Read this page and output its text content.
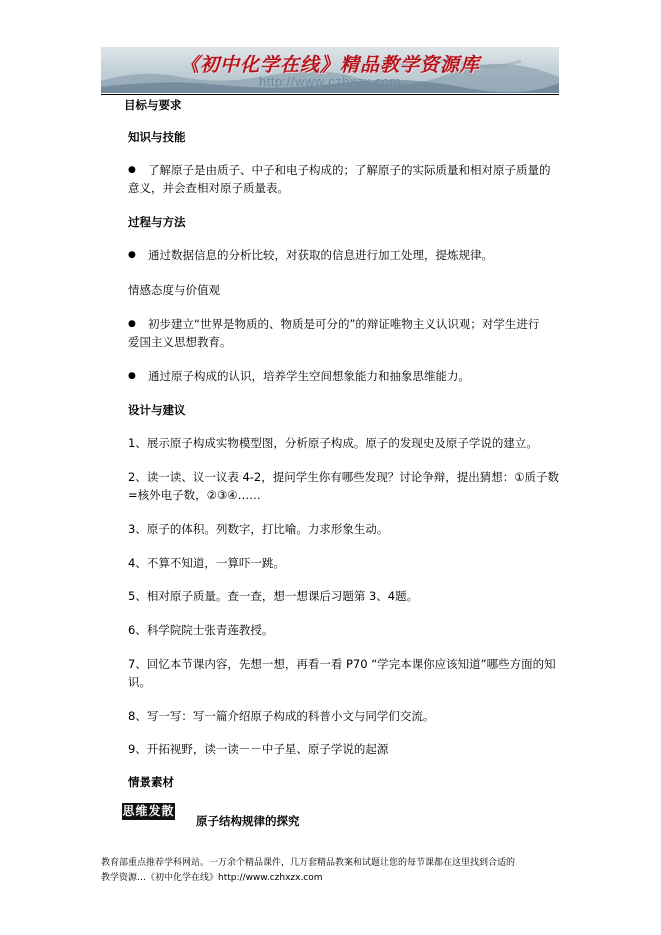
《初中化学在线》精品教学资源库
http://www.czhxzx.com
目标与要求
知识与技能
● 了解原子是由质子、中子和电子构成的；了解原子的实际质量和相对原子质量的
意义，并会查相对原子质量表。
过程与方法
● 通过数据信息的分析比较，对获取的信息进行加工处理，提炼规律。
情感态度与价值观
● 初步建立“世界是物质的、物质是可分的”的辩证唯物主义认识观；对学生进行
爱国主义思想教育。
● 通过原子构成的认识，培养学生空间想象能力和抽象思维能力。
设计与建议
1、展示原子构成实物模型图，分析原子构成。原子的发现史及原子学说的建立。
2、读一读、议一议表 4-2，提问学生你有哪些发现？讨论争辩，提出猜想：①质子数
=核外电子数，②③④……
3、原子的体积。列数字，打比喻。力求形象生动。
4、不算不知道，一算吓一跳。
5、相对原子质量。查一查，想一想课后习题第 3、4题。
6、科学院院士张青莲教授。
7、回忆本节课内容，先想一想，再看一看 P70 “学完本课你应该知道”哪些方面的知
识。
8、写一写：写一篇介绍原子构成的科普小文与同学们交流。
9、开拓视野，读一读－－中子星、原子学说的起源
情景素材
思维发散
原子结构规律的探究
教育部重点推荐学科网站。一万余个精品课件，几万套精品教案和试题让您的每节课都在这里找到合适的
教学资源…《初中化学在线》http://www.czhxzx.com
